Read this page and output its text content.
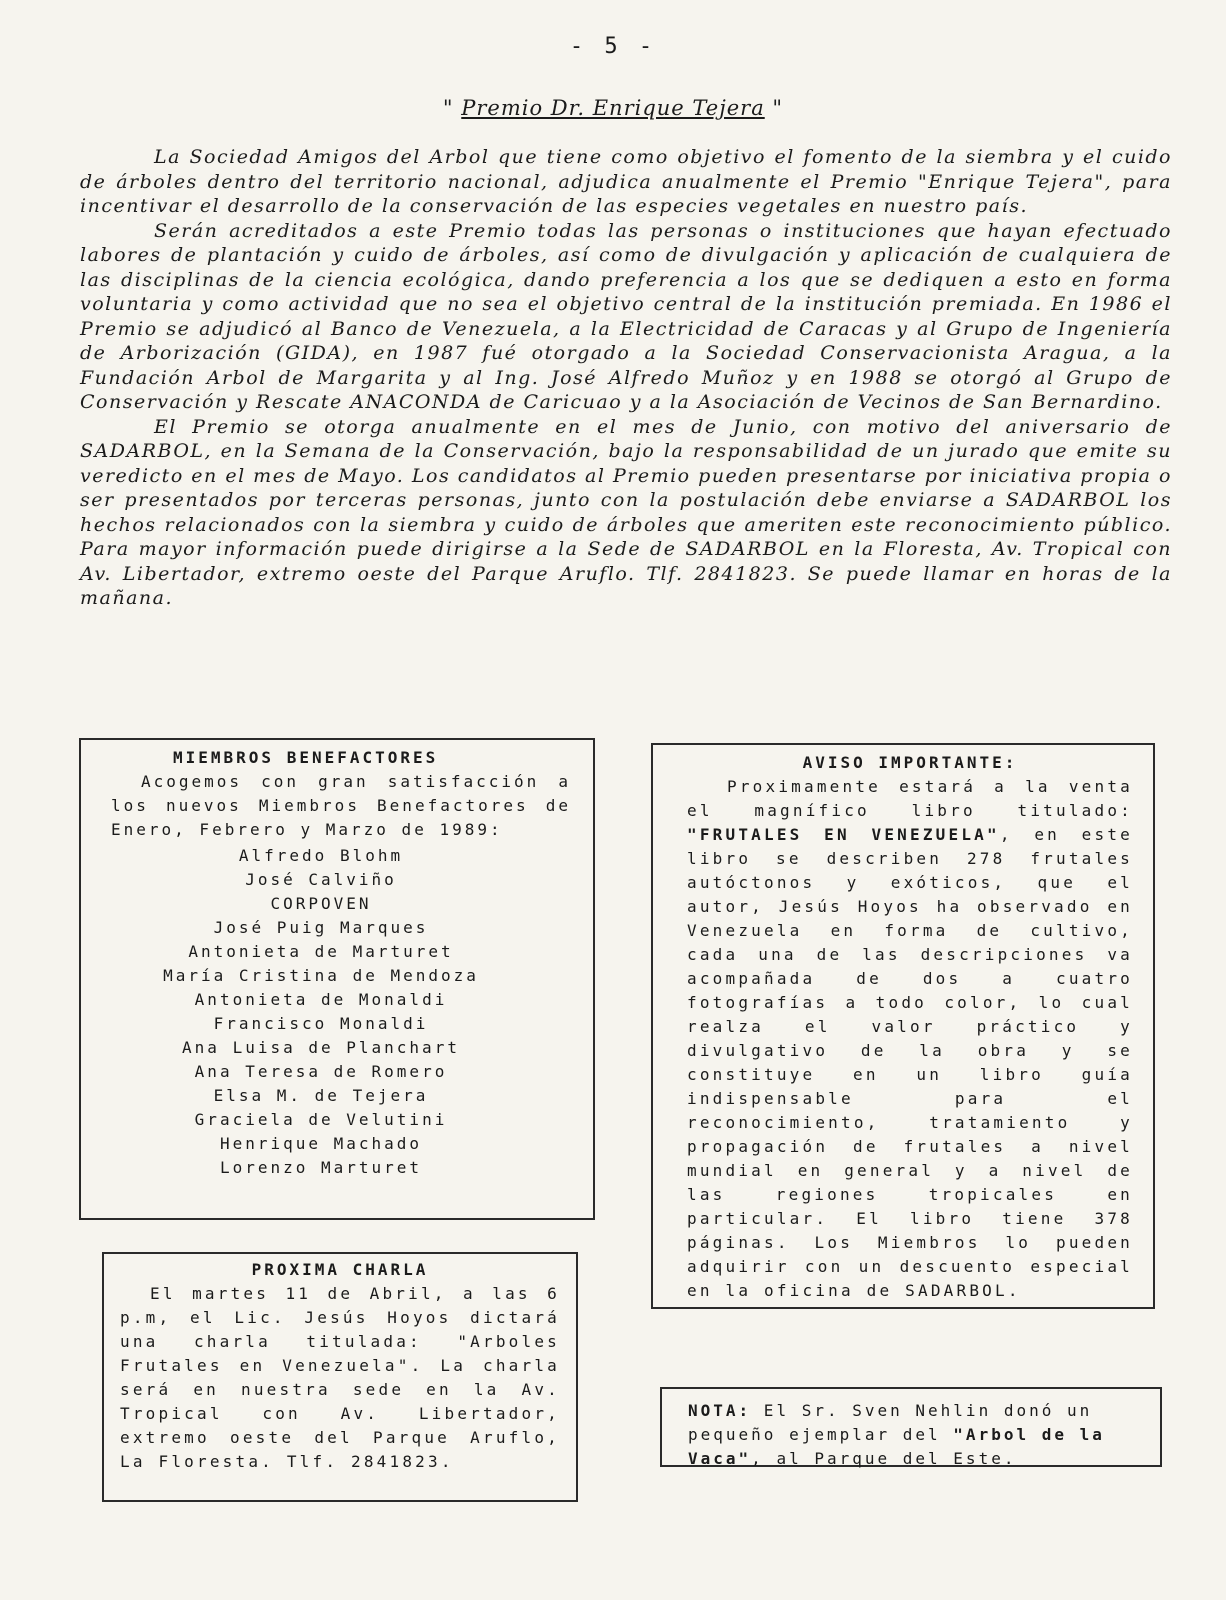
- 5 -
" Premio Dr. Enrique Tejera "

La Sociedad Amigos del Arbol que tiene como objetivo el fomento de la siembra y el cuido de árboles dentro del territorio nacional, adjudica anualmente el Premio "Enrique Tejera", para incentivar el desarrollo de la conservación de las especies vegetales en nuestro país.

Serán acreditados a este Premio todas las personas o instituciones que hayan efectuado labores de plantación y cuido de árboles, así como de divulgación y aplicación de cualquiera de las disciplinas de la ciencia ecológica, dando preferencia a los que se dediquen a esto en forma voluntaria y como actividad que no sea el objetivo central de la institución premiada. En 1986 el Premio se adjudicó al Banco de Venezuela, a la Electricidad de Caracas y al Grupo de Ingeniería de Arborización (GIDA), en 1987 fué otorgado a la Sociedad Conservacionista Aragua, a la Fundación Arbol de Margarita y al Ing. José Alfredo Muñoz y en 1988 se otorgó al Grupo de Conservación y Rescate ANACONDA de Caricuao y a la Asociación de Vecinos de San Bernardino.

El Premio se otorga anualmente en el mes de Junio, con motivo del aniversario de SADARBOL, en la Semana de la Conservación, bajo la responsabilidad de un jurado que emite su veredicto en el mes de Mayo. Los candidatos al Premio pueden presentarse por iniciativa propia o ser presentados por terceras personas, junto con la postulación debe enviarse a SADARBOL los hechos relacionados con la siembra y cuido de árboles que ameriten este reconocimiento público. Para mayor información puede dirigirse a la Sede de SADARBOL en la Floresta, Av. Tropical con Av. Libertador, extremo oeste del Parque Aruflo. Tlf. 2841823. Se puede llamar en horas de la mañana.

MIEMBROS BENEFACTORES

Acogemos con gran satisfacción a los nuevos Miembros Benefactores de Enero, Febrero y Marzo de 1989:

Alfredo Blohm
José Calviño
CORPOVEN
José Puig Marques
Antonieta de Marturet
María Cristina de Mendoza
Antonieta de Monaldi
Francisco Monaldi
Ana Luisa de Planchart
Ana Teresa de Romero
Elsa M. de Tejera
Graciela de Velutini
Henrique Machado
Lorenzo Marturet
PROXIMA CHARLA

El martes 11 de Abril, a las 6 p.m, el Lic. Jesús Hoyos dictará una charla titulada: "Arboles Frutales en Venezuela". La charla será en nuestra sede en la Av. Tropical con Av. Libertador, extremo oeste del Parque Aruflo, La Floresta. Tlf. 2841823.

AVISO IMPORTANTE:

Proximamente estará a la venta el magnífico libro titulado: "FRUTALES EN VENEZUELA", en este libro se describen 278 frutales autóctonos y exóticos, que el autor, Jesús Hoyos ha observado en Venezuela en forma de cultivo, cada una de las descripciones va acompañada de dos a cuatro fotografías a todo color, lo cual realza el valor práctico y divulgativo de la obra y se constituye en un libro guía indispensable para el reconocimiento, tratamiento y propagación de frutales a nivel mundial en general y a nivel de las regiones tropicales en particular. El libro tiene 378 páginas. Los Miembros lo pueden adquirir con un descuento especial en la oficina de SADARBOL.

NOTA: El Sr. Sven Nehlin donó un pequeño ejemplar del "Arbol de la Vaca", al Parque del Este.
